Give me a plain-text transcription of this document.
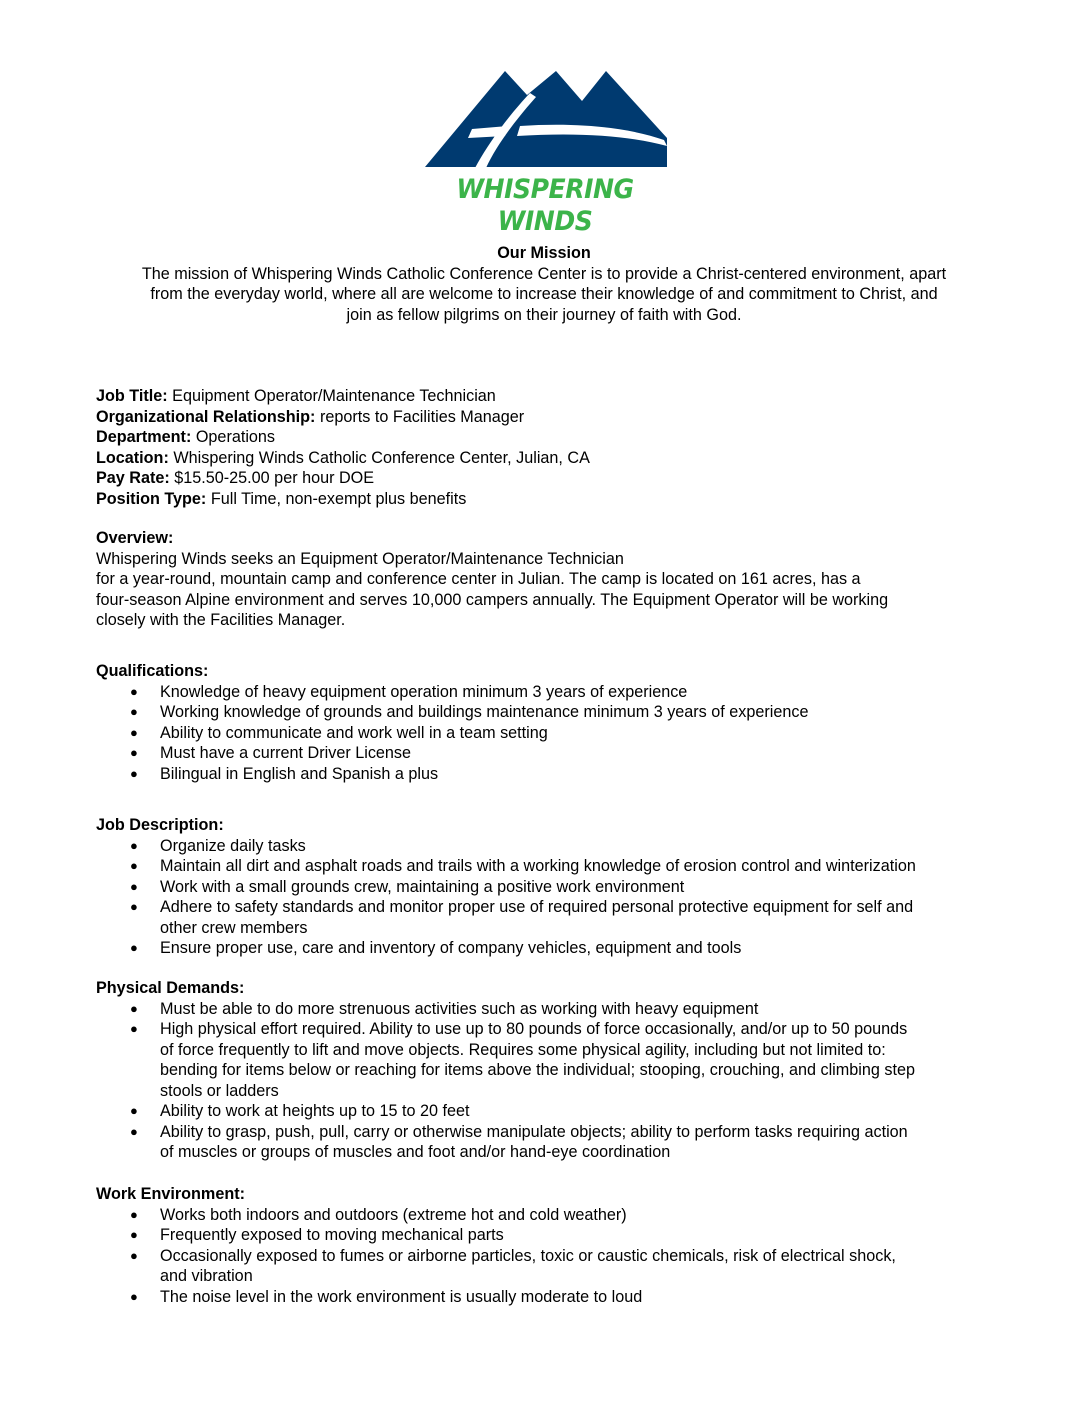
WHISPERING WINDS
Our Mission

The mission of Whispering Winds Catholic Conference Center is to provide a Christ-centered environment, apart

from the everyday world, where all are welcome to increase their knowledge of and commitment to Christ, and

join as fellow pilgrims on their journey of faith with God.

Job Title: Equipment Operator/Maintenance Technician

Organizational Relationship: reports to Facilities Manager

Department: Operations

Location: Whispering Winds Catholic Conference Center, Julian, CA

Pay Rate: $15.50-25.00 per hour DOE

Position Type: Full Time, non-exempt plus benefits

Overview:

Whispering Winds seeks an Equipment Operator/Maintenance Technician

for a year-round, mountain camp and conference center in Julian. The camp is located on 161 acres, has a

four-season Alpine environment and serves 10,000 campers annually. The Equipment Operator will be working

closely with the Facilities Manager.

Qualifications:

● Knowledge of heavy equipment operation minimum 3 years of experience
● Working knowledge of grounds and buildings maintenance minimum 3 years of experience
● Ability to communicate and work well in a team setting
● Must have a current Driver License
● Bilingual in English and Spanish a plus

Job Description:

● Organize daily tasks
● Maintain all dirt and asphalt roads and trails with a working knowledge of erosion control and winterization
● Work with a small grounds crew, maintaining a positive work environment
● Adhere to safety standards and monitor proper use of required personal protective equipment for self and
other crew members
● Ensure proper use, care and inventory of company vehicles, equipment and tools

Physical Demands:

● Must be able to do more strenuous activities such as working with heavy equipment
● High physical effort required. Ability to use up to 80 pounds of force occasionally, and/or up to 50 pounds
of force frequently to lift and move objects. Requires some physical agility, including but not limited to:
bending for items below or reaching for items above the individual; stooping, crouching, and climbing step
stools or ladders
● Ability to work at heights up to 15 to 20 feet
● Ability to grasp, push, pull, carry or otherwise manipulate objects; ability to perform tasks requiring action
of muscles or groups of muscles and foot and/or hand-eye coordination

Work Environment:

● Works both indoors and outdoors (extreme hot and cold weather)
● Frequently exposed to moving mechanical parts
● Occasionally exposed to fumes or airborne particles, toxic or caustic chemicals, risk of electrical shock,
and vibration
● The noise level in the work environment is usually moderate to loud
